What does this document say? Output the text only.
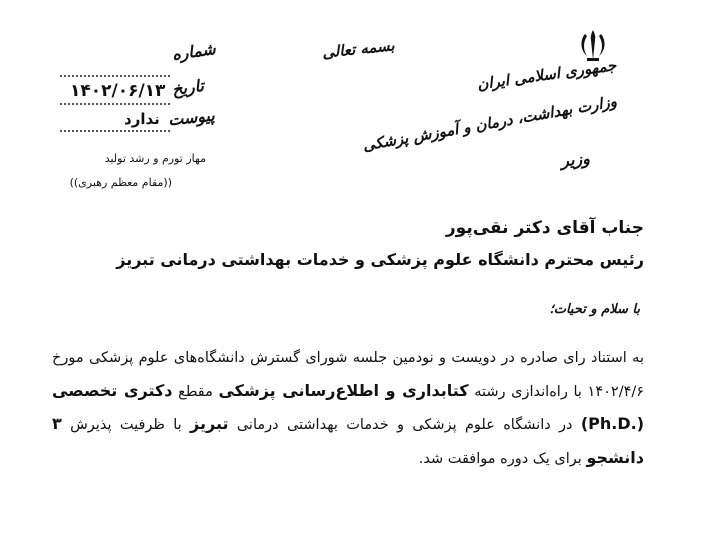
جمهوری اسلامی ایران
وزارت بهداشت، درمان و آموزش پزشکی
وزیر
بسمه تعالی
شماره
تاریخ
پیوست
۱۴۰۲/۰۶/۱۳
ندارد
مهار تورم و رشد تولید
((مقام معظم رهبری))
جناب آقای دکتر نقی‌پور
رئیس محترم دانشگاه علوم پزشکی و خدمات بهداشتی درمانی تبریز
با سلام و تحیات؛
به استناد رای صادره در دویست و نودمین جلسه شورای گسترش دانشگاه‌های علوم پزشکی مورخ ۱۴۰۲/۴/۶ با راه‌اندازی رشته کتابداری و اطلاع‌رسانی پزشکی مقطع دکتری تخصصی (.Ph.D) در دانشگاه علوم پزشکی و خدمات بهداشتی درمانی تبریز با ظرفیت پذیرش ۳ دانشجو برای یک دوره موافقت شد.
